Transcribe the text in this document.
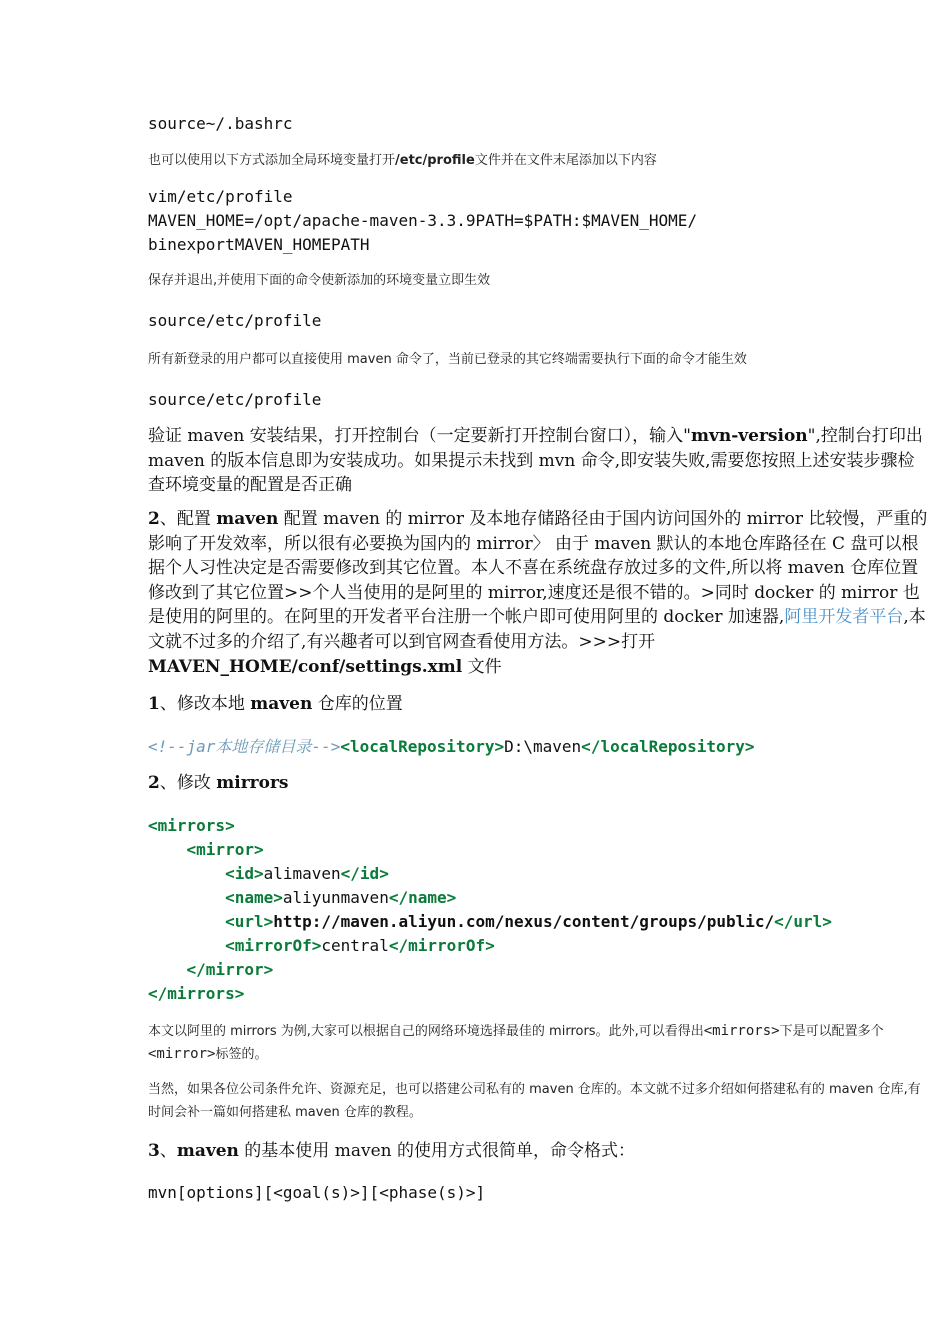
source~/.bashrc
也可以使用以下方式添加全局环境变量打开/etc/profile文件并在文件末尾添加以下内容
vim/etc/profile
MAVEN_HOME=/opt/apache-maven-3.3.9PATH=$PATH:$MAVEN_HOME/
binexportMAVEN_HOMEPATH
保存并退出,并使用下面的命令使新添加的环境变量立即生效
source/etc/profile
所有新登录的用户都可以直接使用 maven 命令了，当前已登录的其它终端需要执行下面的命令才能生效
source/etc/profile
验证 maven 安装结果，打开控制台（一定要新打开控制台窗口），输入"mvn-version",控制台打印出 maven 的版本信息即为安装成功。如果提示未找到 mvn 命令,即安装失败,需要您按照上述安装步骤检查环境变量的配置是否正确
2、配置 maven 配置 maven 的 mirror 及本地存储路径由于国内访问国外的 mirror 比较慢，严重的影响了开发效率，所以很有必要换为国内的 mirror〉 由于 maven 默认的本地仓库路径在 C 盘可以根据个人习性决定是否需要修改到其它位置。本人不喜在系统盘存放过多的文件,所以将 maven 仓库位置修改到了其它位置>>个人当使用的是阿里的 mirror,速度还是很不错的。>同时 docker 的 mirror 也是使用的阿里的。在阿里的开发者平台注册一个帐户即可使用阿里的 docker 加速器,阿里开发者平台,本文就不过多的介绍了,有兴趣者可以到官网查看使用方法。>>>打开 MAVEN_HOME/conf/settings.xml 文件
1、修改本地 maven 仓库的位置
<!--jar本地存储目录--><localRepository>D:\maven</localRepository>
2、修改 mirrors
<mirrors>
<mirror>
<id>alimaven</id>
<name>aliyunmaven</name>
<url>http://maven.aliyun.com/nexus/content/groups/public/</url>
<mirrorOf>central</mirrorOf>
</mirror>
</mirrors>
本文以阿里的 mirrors 为例,大家可以根据自己的网络环境选择最佳的 mirrors。此外,可以看得出<mirrors>下是可以配置多个<mirror>标签的。
当然，如果各位公司条件允许、资源充足，也可以搭建公司私有的 maven 仓库的。本文就不过多介绍如何搭建私有的 maven 仓库,有时间会补一篇如何搭建私 maven 仓库的教程。
3、maven 的基本使用 maven 的使用方式很简单，命令格式：
mvn[options][<goal(s)>][<phase(s)>]
